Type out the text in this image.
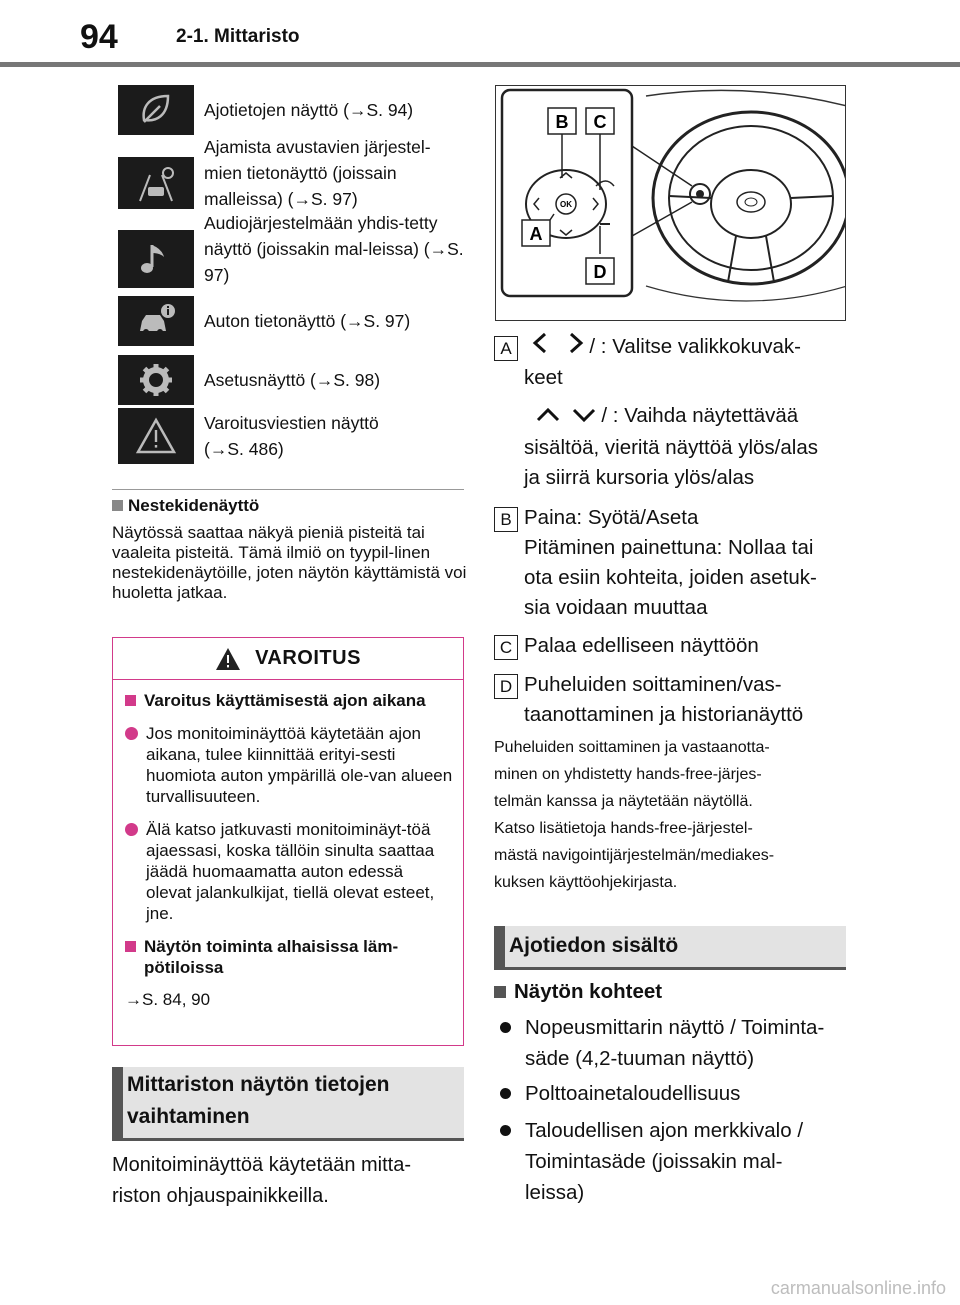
94	2-1. Mittaristo
Ajotietojen näyttö (→S. 94)
Ajamista avustavien järjestel-mien tietonäyttö (joissain malleissa) (→S. 97)
Audiojärjestelmään yhdis-tetty näyttö (joissakin mal-leissa) (→S. 97)
Auton tietonäyttö (→S. 97)
Asetusnäyttö (→S. 98)
Varoitusviestien näyttö (→S. 486)
Nestekidenäyttö
Näytössä saattaa näkyä pieniä pisteitä tai vaaleita pisteitä. Tämä ilmiö on tyypil-linen nestekidenäytöille, joten näytön käyttämistä voi huoletta jatkaa.
VAROITUS
Varoitus käyttämisestä ajon aikana
Jos monitoiminäyttöä käytetään ajon aikana, tulee kiinnittää erityi-sesti huomiota auton ympärillä ole-van alueen turvallisuuteen.
Älä katso jatkuvasti monitoiminäyt-töä ajaessasi, koska tällöin sinulta saattaa jäädä huomaamatta auton edessä olevat jalankulkijat, tiellä olevat esteet, jne.
Näytön toiminta alhaisissa läm-pötiloissa
→S. 84, 90
Mittariston näytön tietojen
vaihtaminen
Monitoiminäyttöä käytetään mitta-
riston ohjauspainikkeilla.
OK
B C
A
D
A	/ : Valitse valikkokuvak-
keet
/ : Vaihda näytettävää
sisältöä, vieritä näyttöä ylös/alas
ja siirrä kursoria ylös/alas
B Paina: Syötä/Aseta
Pitäminen painettuna: Nollaa tai
ota esiin kohteita, joiden asetuk-
sia voidaan muuttaa
C Palaa edelliseen näyttöön
D Puheluiden soittaminen/vas-
taanottaminen ja historianäyttö
Puheluiden soittaminen ja vastaanotta-
minen on yhdistetty hands-free-järjes-
telmän kanssa ja näytetään näytöllä.
Katso lisätietoja hands-free-järjestel-
mästä navigointijärjestelmän/mediakes-
kuksen käyttöohjekirjasta.
Ajotiedon sisältö
Näytön kohteet
Nopeusmittarin näyttö / Toiminta-
säde (4,2-tuuman näyttö)
Polttoainetaloudellisuus
Taloudellisen ajon merkkivalo /
Toimintasäde (joissakin mal-
leissa)
carmanualsonline.info
